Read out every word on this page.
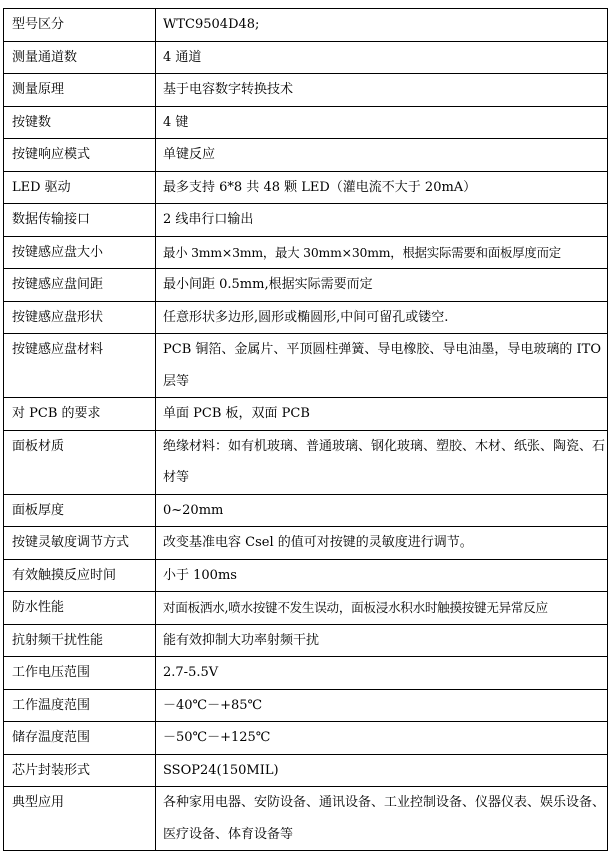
型号区分	WTC9504D48;
测量通道数	4 通道
测量原理	基于电容数字转换技术
按键数	4 键
按键响应模式	单键反应
LED 驱动	最多支持 6*8 共 48 颗 LED（灌电流不大于 20mA）
数据传输接口	2 线串行口输出
按键感应盘大小	最小 3mm×3mm，最大 30mm×30mm，根据实际需要和面板厚度而定
按键感应盘间距	最小间距 0.5mm,根据实际需要而定
按键感应盘形状	任意形状多边形,圆形或椭圆形,中间可留孔或镂空.
按键感应盘材料	PCB 铜箔、金属片、平顶圆柱弹簧、导电橡胶、导电油墨，导电玻璃的 ITO 层等
对 PCB 的要求	单面 PCB 板，双面 PCB
面板材质	绝缘材料：如有机玻璃、普通玻璃、钢化玻璃、塑胶、木材、纸张、陶瓷、石材等
面板厚度	0~20mm
按键灵敏度调节方式	改变基准电容 Csel 的值可对按键的灵敏度进行调节。
有效触摸反应时间	小于 100ms
防水性能	对面板洒水,喷水按键不发生误动，面板浸水积水时触摸按键无异常反应
抗射频干扰性能	能有效抑制大功率射频干扰
工作电压范围	2.7-5.5V
工作温度范围	－40℃－+85℃
储存温度范围	－50℃－+125℃
芯片封装形式	SSOP24(150MIL)
典型应用	各种家用电器、安防设备、通讯设备、工业控制设备、仪器仪表、娱乐设备、医疗设备、体育设备等
